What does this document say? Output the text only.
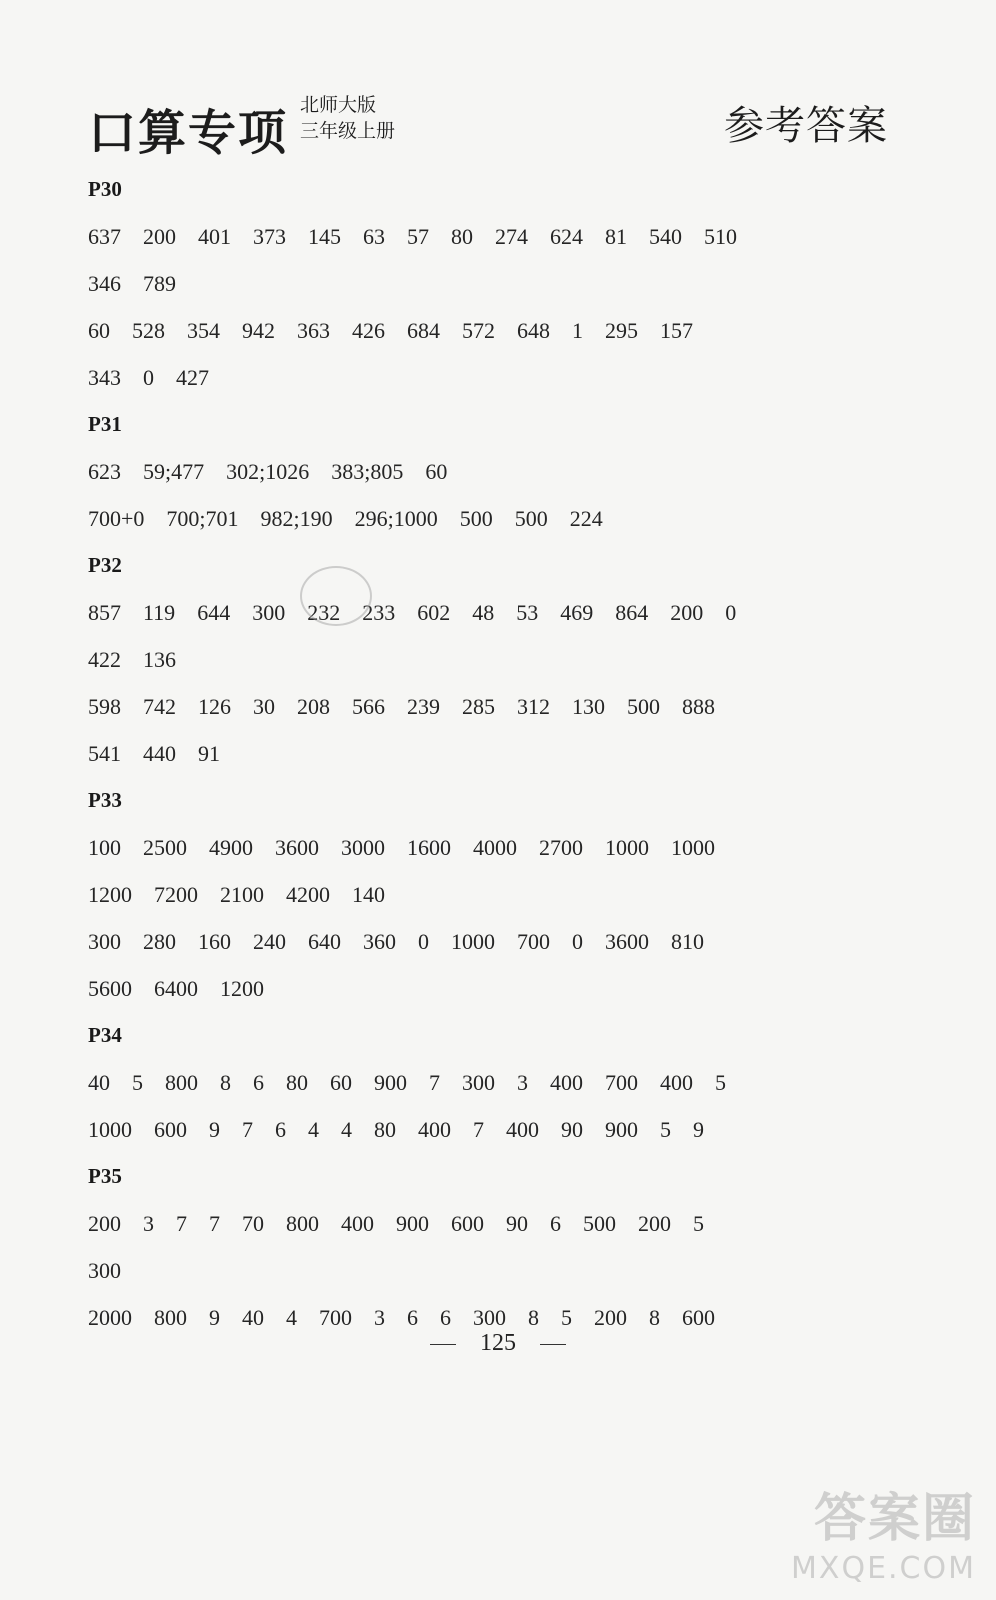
口算专项 北师大版
三年级上册	参考答案
P30
637 200 401 373 145 63 57 80 274 624 81 540 510
346 789
60 528 354 942 363 426 684 572 648 1 295 157
343 0 427
P31
623 59;477 302;1026 383;805 60
700+0 700;701 982;190 296;1000 500 500 224
P32
857 119 644 300 232 233 602 48 53 469 864 200 0
422 136
598 742 126 30 208 566 239 285 312 130 500 888
541 440 91
P33
100 2500 4900 3600 3000 1600 4000 2700 1000 1000
1200 7200 2100 4200 140
300 280 160 240 640 360 0 1000 700 0 3600 810
5600 6400 1200
P34
40 5 800 8 6 80 60 900 7 300 3 400 700 400 5
1000 600 9 7 6 4 4 80 400 7 400 90 900 5 9
P35
200 3 7 7 70 800 400 900 600 90 6 500 200 5
300
2000 800 9 40 4 700 3 6 6 300 8 5 200 8 600
125
答案圈
MXQE.COM
